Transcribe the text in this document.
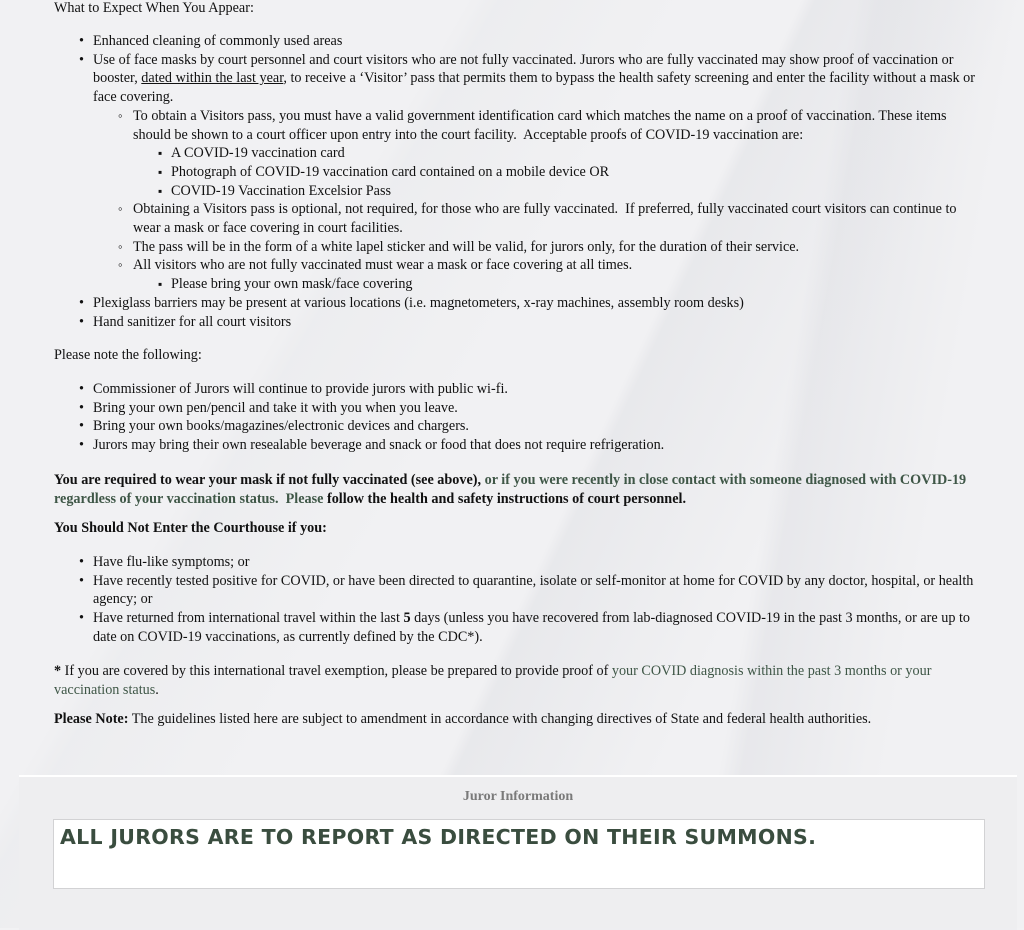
What to Expect When You Appear:

• Enhanced cleaning of commonly used areas
• Use of face masks by court personnel and court visitors who are not fully vaccinated. Jurors who are fully vaccinated may show proof of vaccination or booster, dated within the last year, to receive a ‘Visitor’ pass that permits them to bypass the health safety screening and enter the facility without a mask or face covering.
◦ To obtain a Visitors pass, you must have a valid government identification card which matches the name on a proof of vaccination. These items should be shown to a court officer upon entry into the court facility.  Acceptable proofs of COVID-19 vaccination are:
▪ A COVID-19 vaccination card
▪ Photograph of COVID-19 vaccination card contained on a mobile device OR
▪ COVID-19 Vaccination Excelsior Pass
◦ Obtaining a Visitors pass is optional, not required, for those who are fully vaccinated.  If preferred, fully vaccinated court visitors can continue to wear a mask or face covering in court facilities.
◦ The pass will be in the form of a white lapel sticker and will be valid, for jurors only, for the duration of their service.
◦ All visitors who are not fully vaccinated must wear a mask or face covering at all times.
▪ Please bring your own mask/face covering
• Plexiglass barriers may be present at various locations (i.e. magnetometers, x-ray machines, assembly room desks)
• Hand sanitizer for all court visitors

Please note the following:

• Commissioner of Jurors will continue to provide jurors with public wi-fi.
• Bring your own pen/pencil and take it with you when you leave.
• Bring your own books/magazines/electronic devices and chargers.
• Jurors may bring their own resealable beverage and snack or food that does not require refrigeration.

You are required to wear your mask if not fully vaccinated (see above), or if you were recently in close contact with someone diagnosed with COVID-19 regardless of your vaccination status.  Please follow the health and safety instructions of court personnel.

You Should Not Enter the Courthouse if you:

• Have flu-like symptoms; or
• Have recently tested positive for COVID, or have been directed to quarantine, isolate or self-monitor at home for COVID by any doctor, hospital, or health agency; or
• Have returned from international travel within the last 5 days (unless you have recovered from lab-diagnosed COVID-19 in the past 3 months, or are up to date on COVID-19 vaccinations, as currently defined by the CDC*).

* If you are covered by this international travel exemption, please be prepared to provide proof of your COVID diagnosis within the past 3 months or your vaccination status.

Please Note: The guidelines listed here are subject to amendment in accordance with changing directives of State and federal health authorities.

Juror Information
ALL JURORS ARE TO REPORT AS DIRECTED ON THEIR SUMMONS.
